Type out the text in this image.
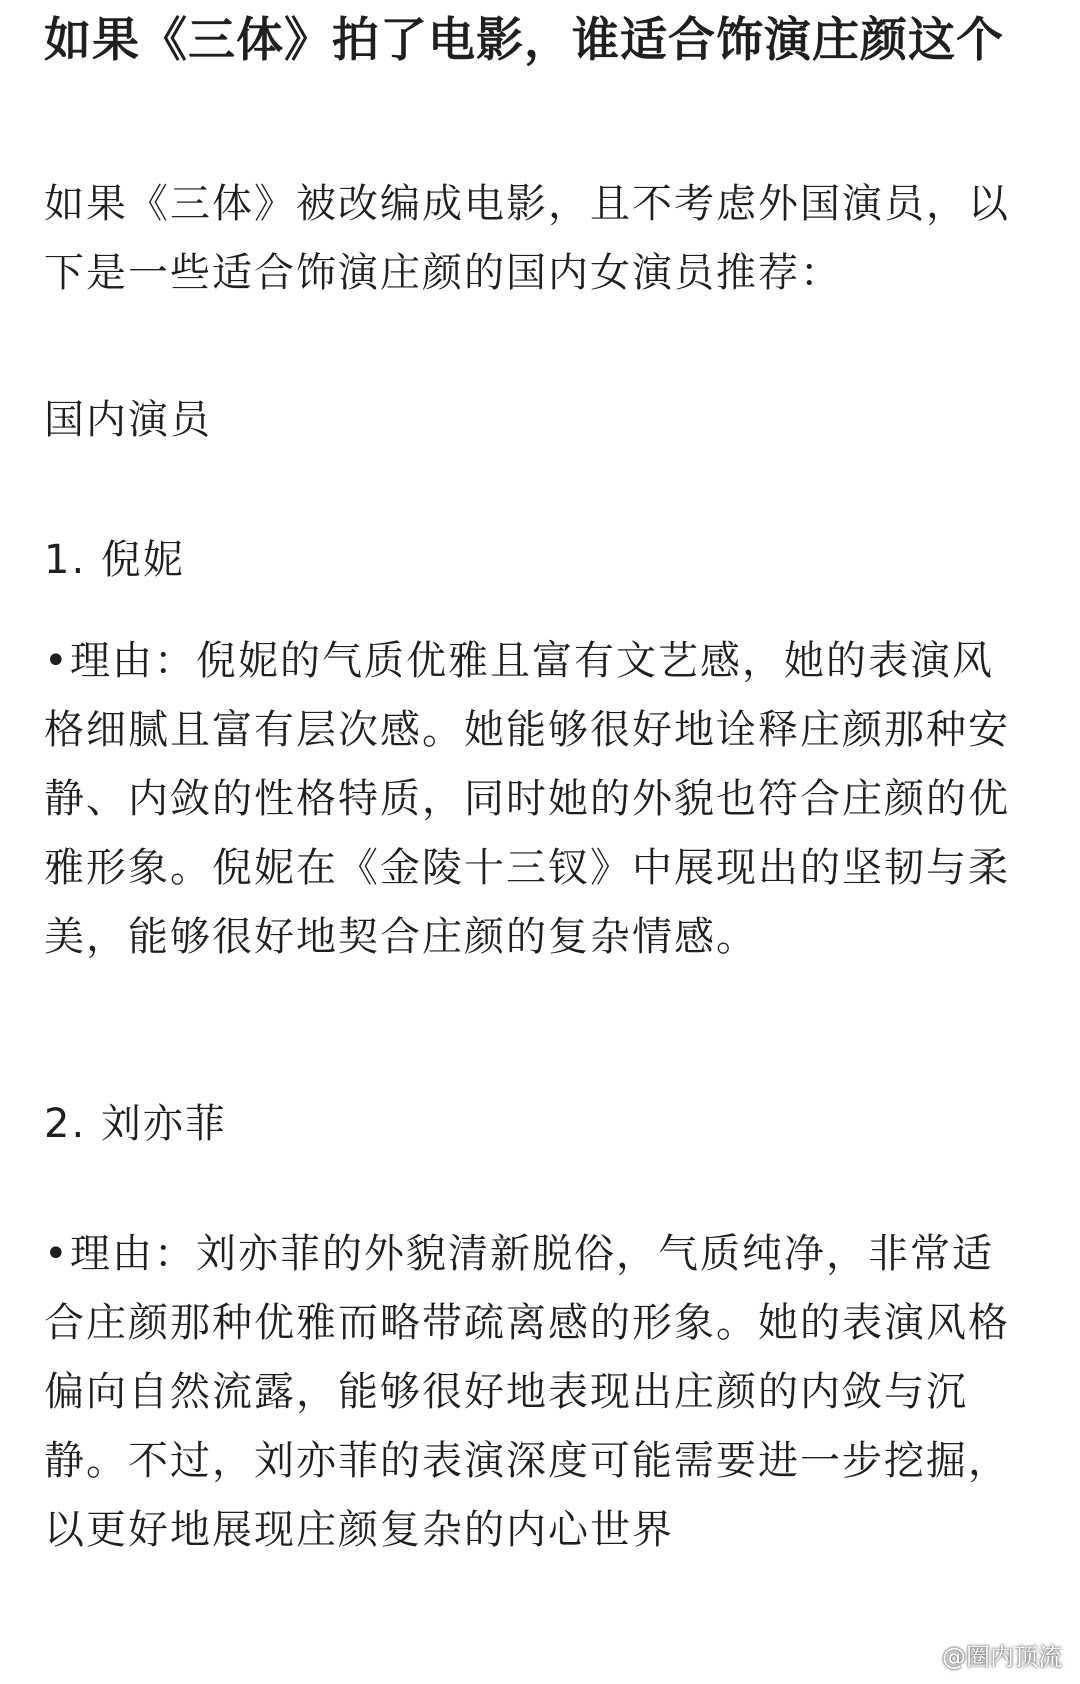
如果《三体》拍了电影，谁适合饰演庄颜这个
如果《三体》被改编成电影，且不考虑外国演员，以下是一些适合饰演庄颜的国内女演员推荐：
国内演员
1. 倪妮
•理由：倪妮的气质优雅且富有文艺感，她的表演风格细腻且富有层次感。她能够很好地诠释庄颜那种安静、内敛的性格特质，同时她的外貌也符合庄颜的优雅形象。倪妮在《金陵十三钗》中展现出的坚韧与柔美，能够很好地契合庄颜的复杂情感。
2. 刘亦菲
•理由：刘亦菲的外貌清新脱俗，气质纯净，非常适合庄颜那种优雅而略带疏离感的形象。她的表演风格偏向自然流露，能够很好地表现出庄颜的内敛与沉静。不过，刘亦菲的表演深度可能需要进一步挖掘，以更好地展现庄颜复杂的内心世界
@圈内顶流
